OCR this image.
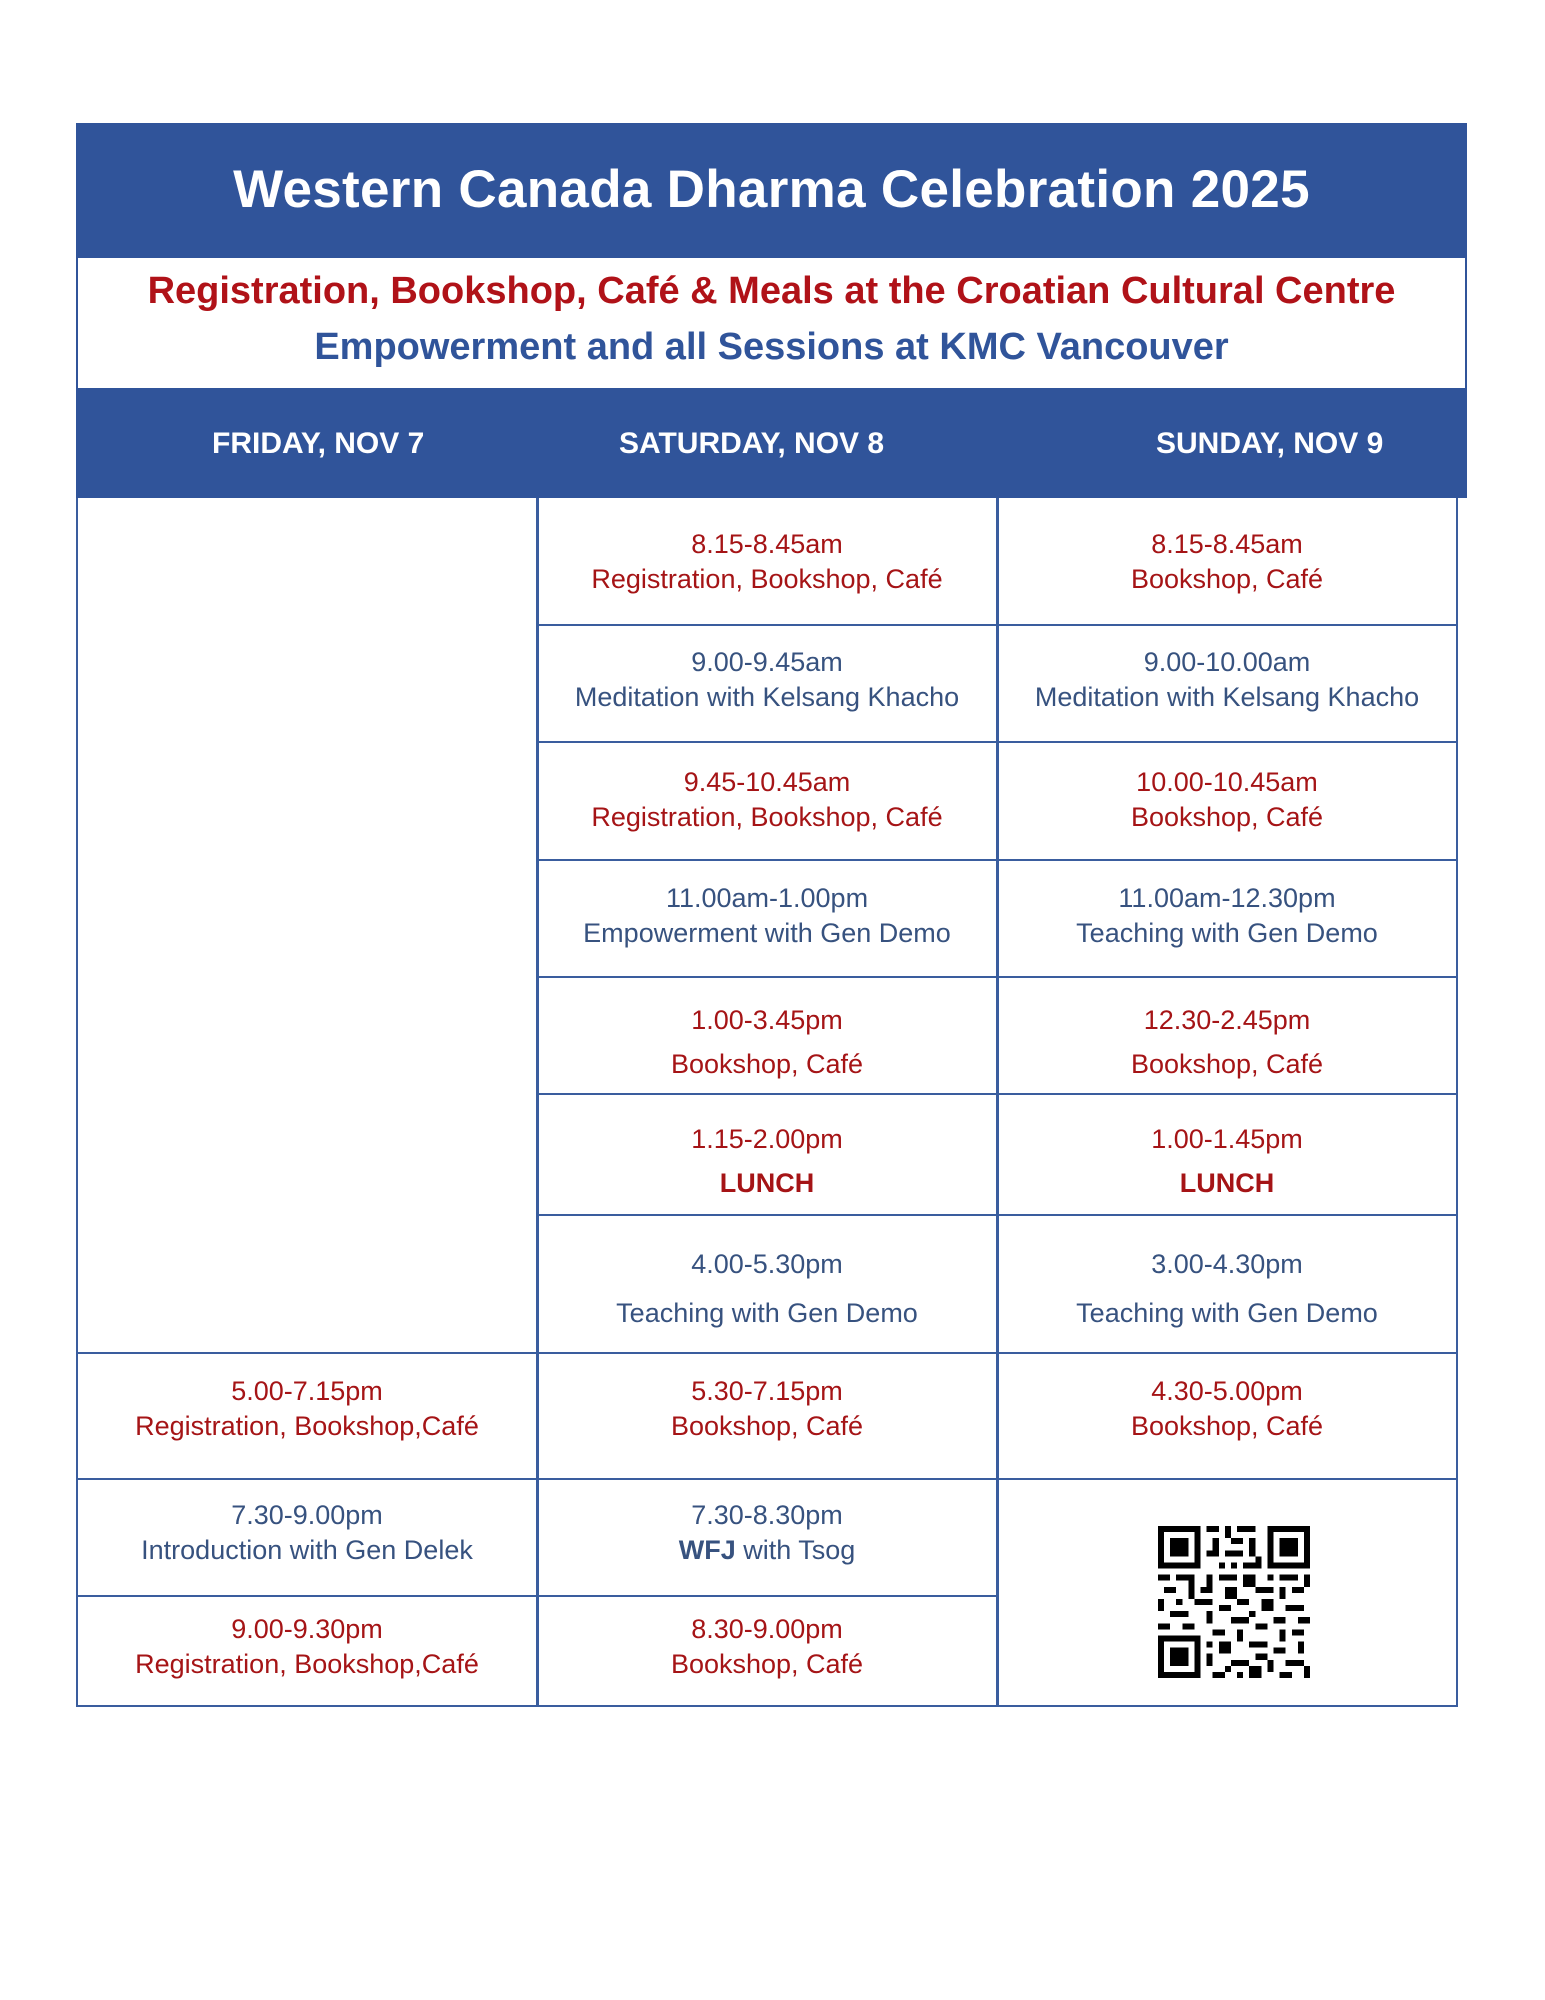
Western Canada Dharma Celebration 2025
Registration, Bookshop, Café & Meals at the Croatian Cultural Centre
Empowerment and all Sessions at KMC Vancouver
FRIDAY, NOV 7	SATURDAY, NOV 8	SUNDAY, NOV 9
8.15-8.45am
Registration, Bookshop, Café
9.00-9.45am
Meditation with Kelsang Khacho
9.45-10.45am
Registration, Bookshop, Café
11.00am-1.00pm
Empowerment with Gen Demo
1.00-3.45pm
Bookshop, Café
1.15-2.00pm
LUNCH
4.00-5.30pm
Teaching with Gen Demo
5.30-7.15pm
Bookshop, Café
7.30-8.30pm
WFJ with Tsog
8.30-9.00pm
Bookshop, Café
8.15-8.45am
Bookshop, Café
9.00-10.00am
Meditation with Kelsang Khacho
10.00-10.45am
Bookshop, Café
11.00am-12.30pm
Teaching with Gen Demo
12.30-2.45pm
Bookshop, Café
1.00-1.45pm
LUNCH
3.00-4.30pm
Teaching with Gen Demo
4.30-5.00pm
Bookshop, Café
5.00-7.15pm
Registration, Bookshop,Café
7.30-9.00pm
Introduction with Gen Delek
9.00-9.30pm
Registration, Bookshop,Café
